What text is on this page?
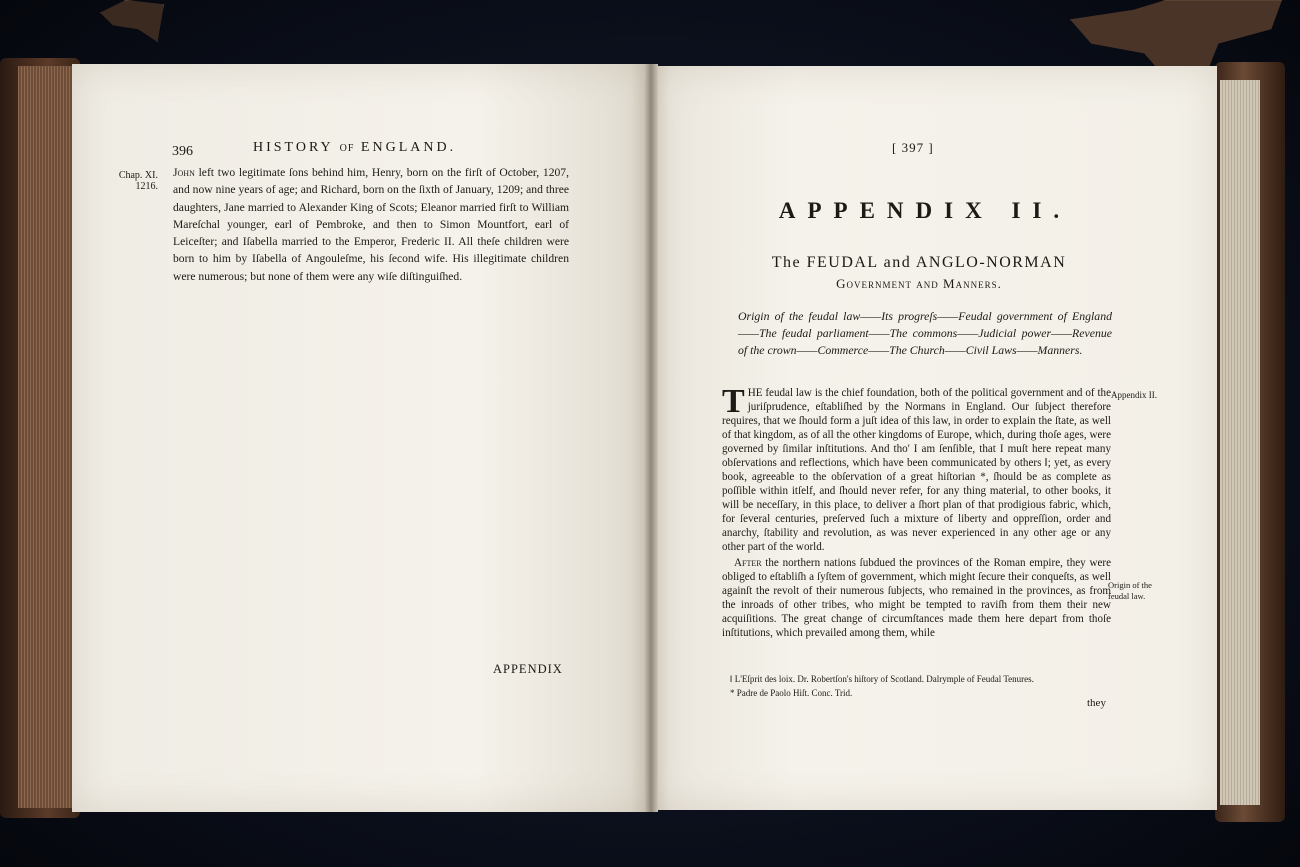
396	HISTORY OF ENGLAND.
Chap. XI.
1216.

John left two legitimate ſons behind him, Henry, born on the firſt of October, 1207, and now nine years of age; and Richard, born on the ſixth of January, 1209; and three daughters, Jane married to Alexander King of Scots; Eleanor married firſt to William Mareſchal younger, earl of Pembroke, and then to Simon Mountfort, earl of Leiceſter; and Iſabella married to the Emperor, Frederic II. All theſe children were born to him by Iſabella of Angouleſme, his ſecond wife. His illegitimate children were numerous; but none of them were any wiſe diſtinguiſhed.

APPENDIX
[ 397 ]
APPENDIX II.
The FEUDAL and ANGLO-NORMAN
Government and Manners.
Origin of the feudal law——Its progreſs——Feudal government of England——The feudal parliament——The commons——Judicial power——Revenue of the crown——Commerce——The Church——Civil Laws——Manners.

THE feudal law is the chief foundation, both of the political government and of the juriſprudence, eſtabliſhed by the Normans in England. Our ſubject therefore requires, that we ſhould form a juſt idea of this law, in order to explain the ſtate, as well of that kingdom, as of all the other kingdoms of Europe, which, during thoſe ages, were governed by ſimilar inſtitutions. And tho' I am ſenſible, that I muſt here repeat many obſervations and reflections, which have been communicated by others ‖; yet, as every book, agreeable to the obſervation of a great hiſtorian *, ſhould be as complete as poſſible within itſelf, and ſhould never refer, for any thing material, to other books, it will be neceſſary, in this place, to deliver a ſhort plan of that prodigious fabric, which, for ſeveral centuries, preſerved ſuch a mixture of liberty and oppreſſion, order and anarchy, ſtability and revolution, as was never experienced in any other age or any other part of the world.

After the northern nations ſubdued the provinces of the Roman empire, they were obliged to eſtabliſh a ſyſtem of government, which might ſecure their conqueſts, as well againſt the revolt of their numerous ſubjects, who remained in the provinces, as from the inroads of other tribes, who might be tempted to raviſh from them their new acquiſitions. The great change of circumſtances made them here depart from thoſe inſtitutions, which prevailed among them, while

Appendix II.
Origin of the
feudal law.
‖ L'Eſprit des loix. Dr. Robertſon's hiſtory of Scotland. Dalrymple of Feudal Tenures.
* Padre de Paolo Hiſt. Conc. Trid.
they
